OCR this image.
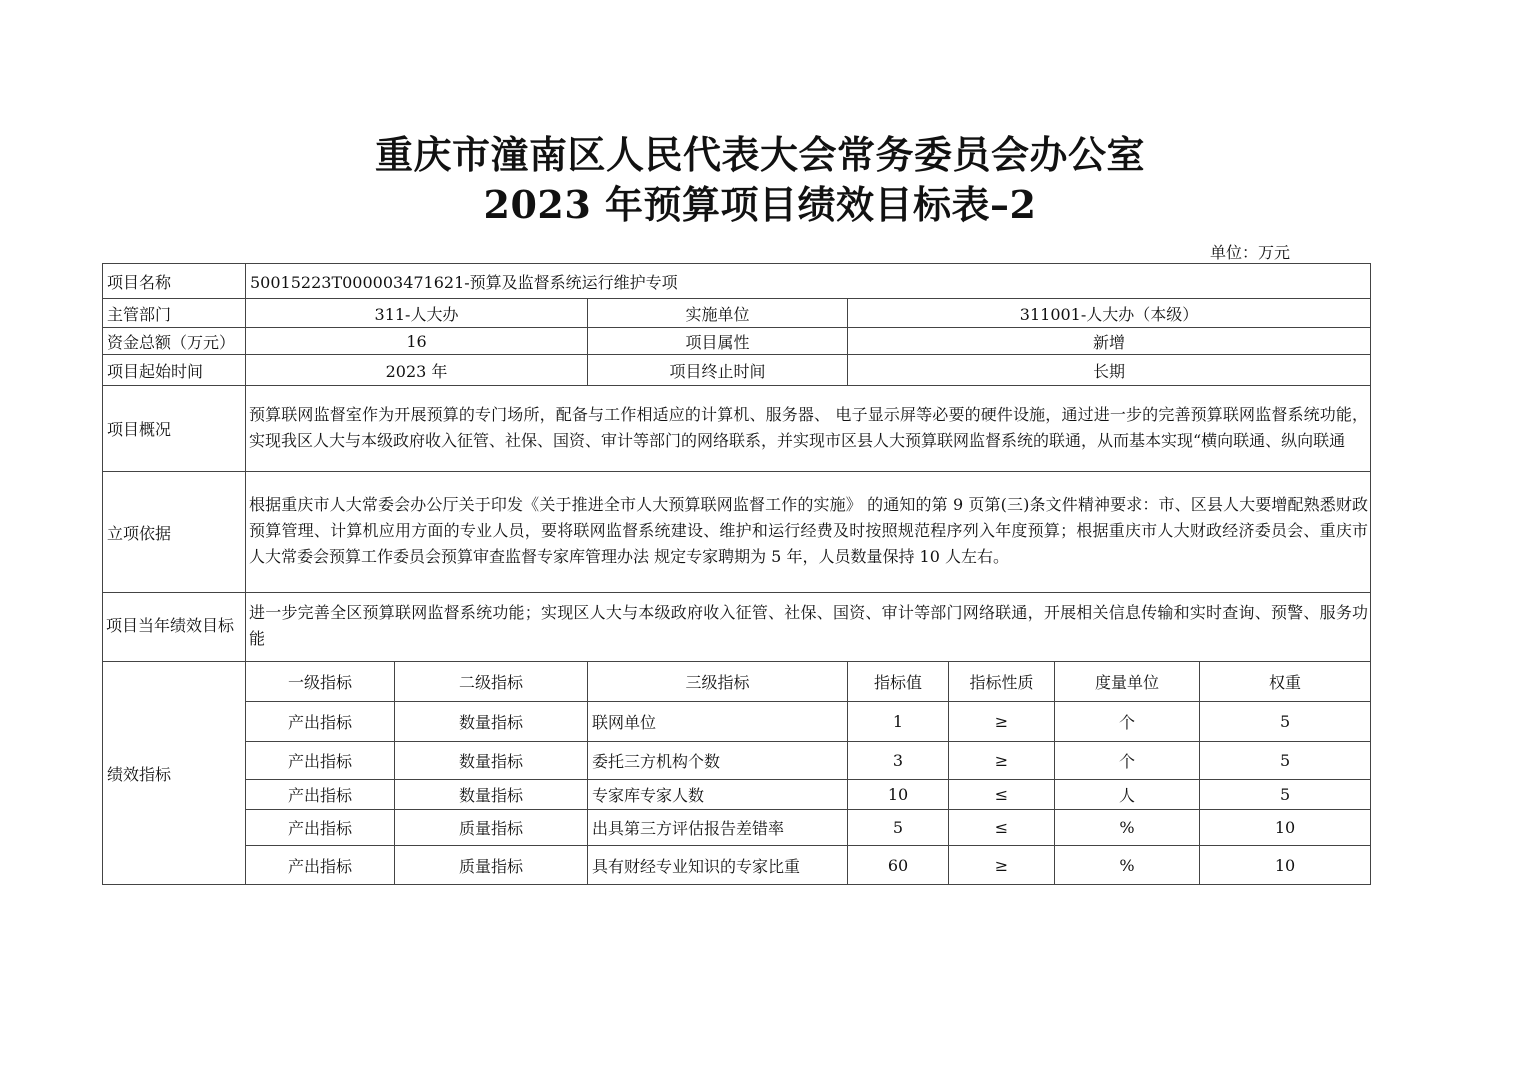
重庆市潼南区人民代表大会常务委员会办公室
2023 年预算项目绩效目标表–2
单位：万元
项目名称	50015223T000003471621-预算及监督系统运行维护专项						
主管部门	311-人大办		实施单位	311001-人大办（本级）			
资金总额（万元）	16		项目属性	新增			
项目起始时间	2023 年		项目终止时间	长期			
项目概况	预算联网监督室作为开展预算的专门场所，配备与工作相适应的计算机、服务器、 电子显示屏等必要的硬件设施，通过进一步的完善预算联网监督系统功能，实现我区人大与本级政府收入征管、社保、国资、审计等部门的网络联系，并实现市区县人大预算联网监督系统的联通，从而基本实现“横向联通、纵向联通						
立项依据	根据重庆市人大常委会办公厅关于印发《关于推进全市人大预算联网监督工作的实施》 的通知的第 9 页第(三)条文件精神要求：市、区县人大要增配熟悉财政预算管理、计算机应用方面的专业人员，要将联网监督系统建设、维护和运行经费及时按照规范程序列入年度预算；根据重庆市人大财政经济委员会、重庆市人大常委会预算工作委员会预算审查监督专家库管理办法 规定专家聘期为 5 年，人员数量保持 10 人左右。						
项目当年绩效目标	进一步完善全区预算联网监督系统功能；实现区人大与本级政府收入征管、社保、国资、审计等部门网络联通，开展相关信息传输和实时查询、预警、服务功能						
绩效指标	一级指标	二级指标	三级指标	指标值	指标性质	度量单位	权重
	产出指标	数量指标	联网单位	1	≥	个	5
	产出指标	数量指标	委托三方机构个数	3	≥	个	5
	产出指标	数量指标	专家库专家人数	10	≤	人	5
	产出指标	质量指标	出具第三方评估报告差错率	5	≤	%	10
	产出指标	质量指标	具有财经专业知识的专家比重	60	≥	%	10
